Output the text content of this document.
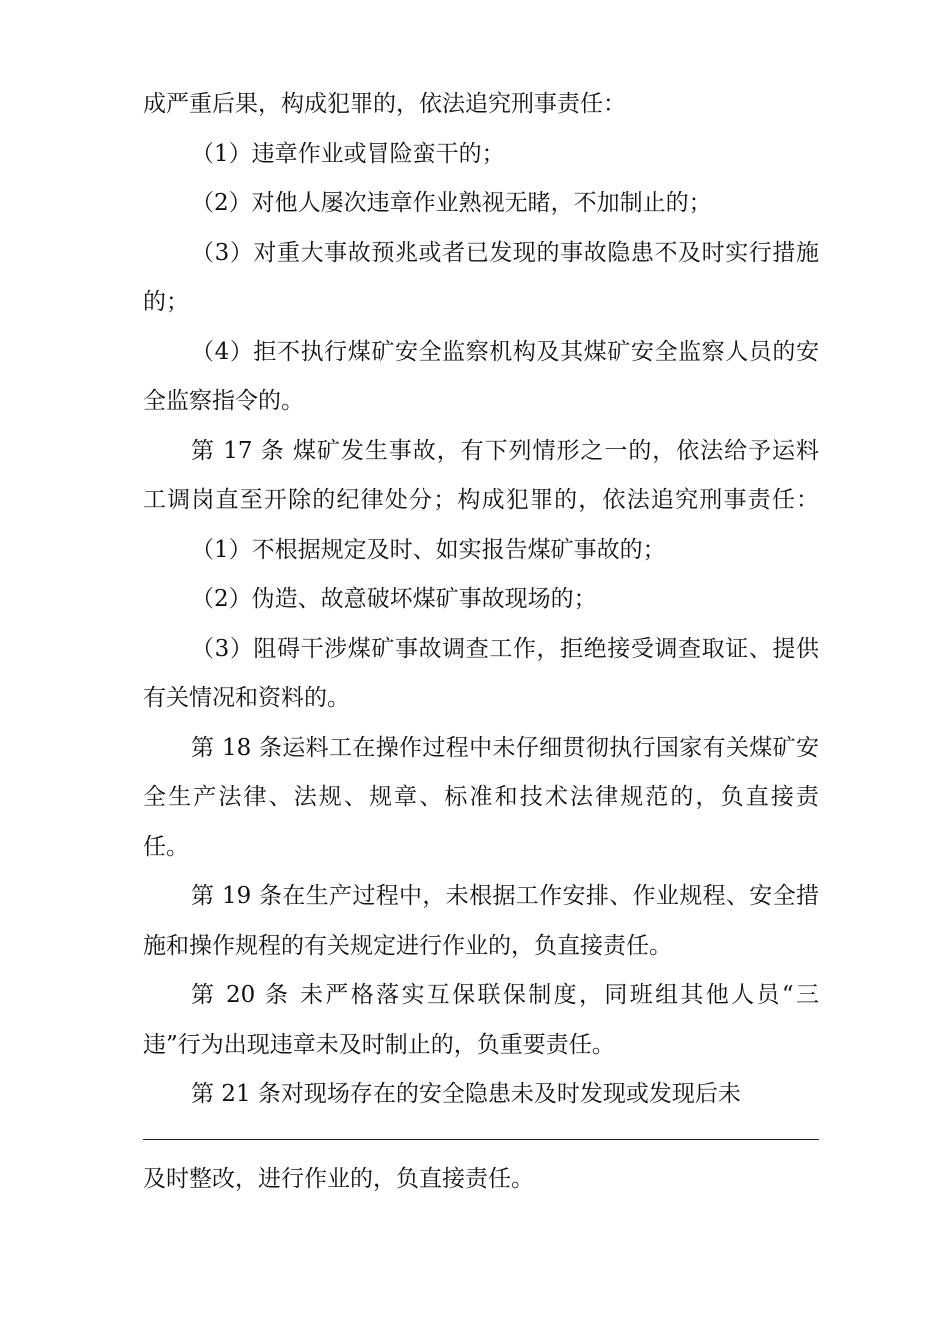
成严重后果，构成犯罪的，依法追究刑事责任：
（1）违章作业或冒险蛮干的；
（2）对他人屡次违章作业熟视无睹，不加制止的；
（3）对重大事故预兆或者已发现的事故隐患不及时实行措施
的；
（4）拒不执行煤矿安全监察机构及其煤矿安全监察人员的安
全监察指令的。
第 17 条 煤矿发生事故，有下列情形之一的，依法给予运料
工调岗直至开除的纪律处分；构成犯罪的，依法追究刑事责任：
（1）不根据规定及时、如实报告煤矿事故的；
（2）伪造、故意破坏煤矿事故现场的；
（3）阻碍干涉煤矿事故调查工作，拒绝接受调查取证、提供
有关情况和资料的。
第 18 条运料工在操作过程中未仔细贯彻执行国家有关煤矿安
全生产法律、法规、规章、标准和技术法律规范的，负直接责
任。
第 19 条在生产过程中，未根据工作安排、作业规程、安全措
施和操作规程的有关规定进行作业的，负直接责任。
第 20 条 未严格落实互保联保制度，同班组其他人员“三
违”行为出现违章未及时制止的，负重要责任。
第 21 条对现场存在的安全隐患未及时发现或发现后未
及时整改，进行作业的，负直接责任。
